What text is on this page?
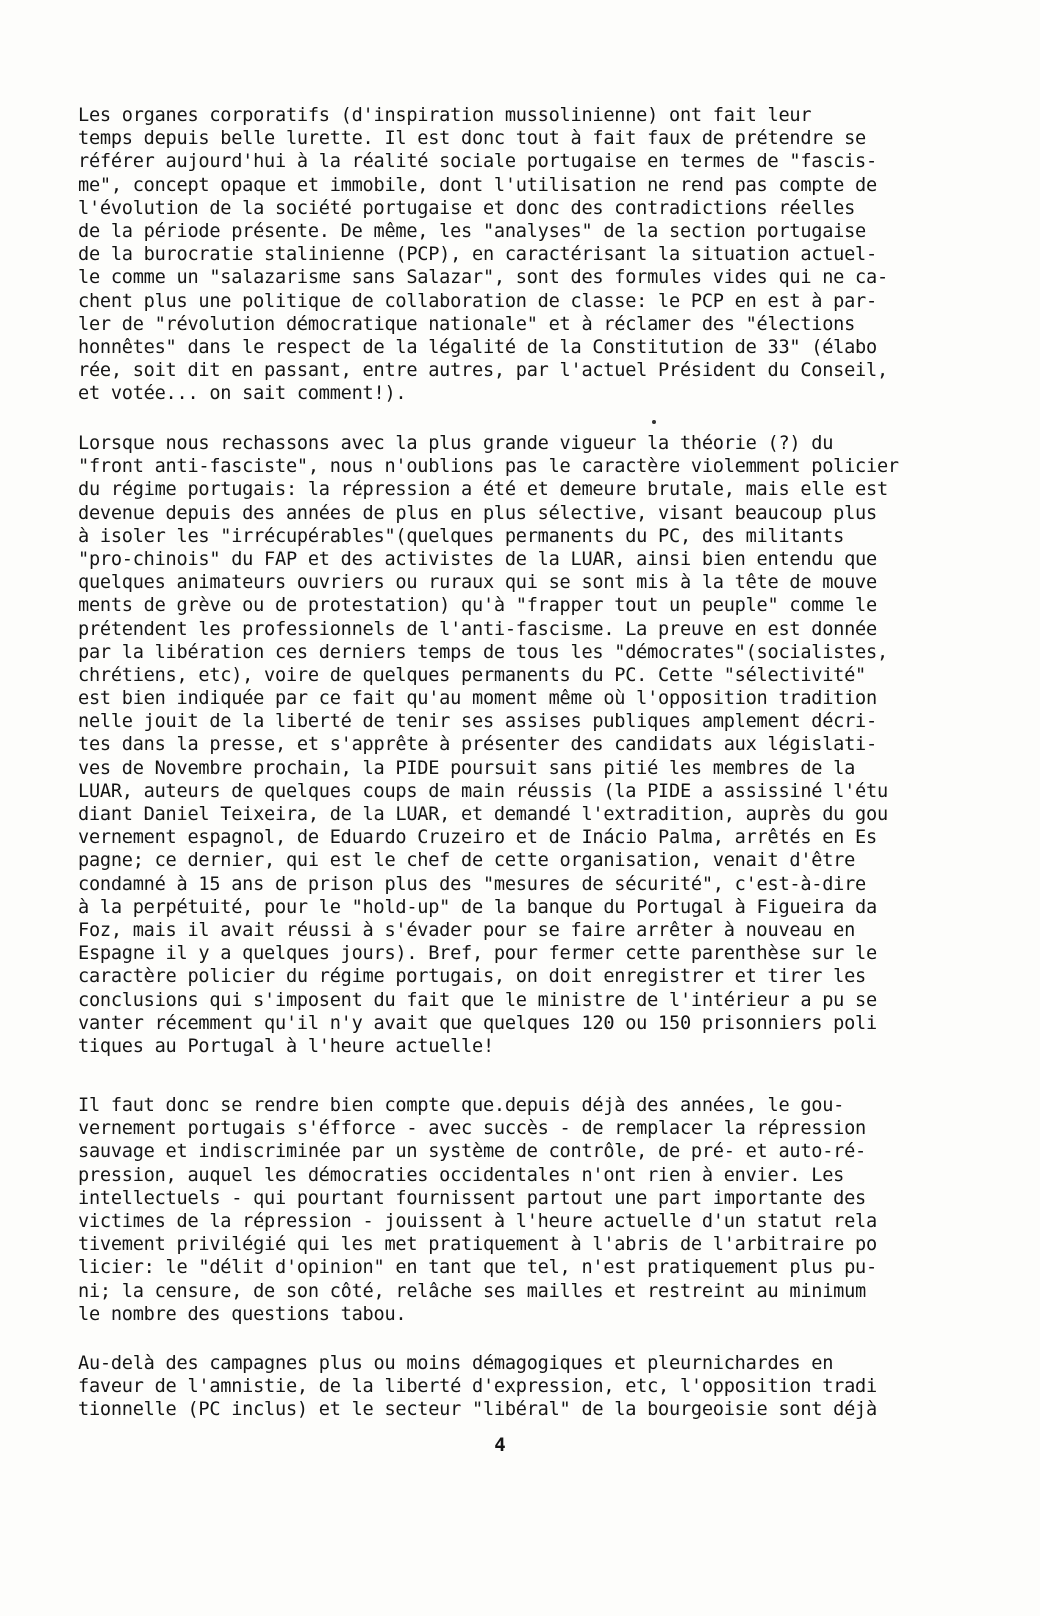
Les organes corporatifs (d'inspiration mussolinienne) ont fait leur
temps depuis belle lurette. Il est donc tout à fait faux de prétendre se
référer aujourd'hui à la réalité sociale portugaise en termes de "fascis-
me", concept opaque et immobile, dont l'utilisation ne rend pas compte de
l'évolution de la société portugaise et donc des contradictions réelles
de la période présente. De même, les "analyses" de la section portugaise
de la burocratie stalinienne (PCP), en caractérisant la situation actuel-
le comme un "salazarisme sans Salazar", sont des formules vides qui ne ca-
chent plus une politique de collaboration de classe: le PCP en est à par-
ler de "révolution démocratique nationale" et à réclamer des "élections
honnêtes" dans le respect de la légalité de la Constitution de 33" (élabo
rée, soit dit en passant, entre autres, par l'actuel Président du Conseil,
et votée... on sait comment!).
Lorsque nous rechassons avec la plus grande vigueur la théorie (?) du
"front anti-fasciste", nous n'oublions pas le caractère violemment policier
du régime portugais: la répression a été et demeure brutale, mais elle est
devenue depuis des années de plus en plus sélective, visant beaucoup plus
à isoler les "irrécupérables"(quelques permanents du PC, des militants
"pro-chinois" du FAP et des activistes de la LUAR, ainsi bien entendu que
quelques animateurs ouvriers ou ruraux qui se sont mis à la tête de mouve
ments de grève ou de protestation) qu'à "frapper tout un peuple" comme le
prétendent les professionnels de l'anti-fascisme. La preuve en est donnée
par la libération ces derniers temps de tous les "démocrates"(socialistes,
chrétiens, etc), voire de quelques permanents du PC. Cette "sélectivité"
est bien indiquée par ce fait qu'au moment même où l'opposition tradition
nelle jouit de la liberté de tenir ses assises publiques amplement décri-
tes dans la presse, et s'apprête à présenter des candidats aux législati-
ves de Novembre prochain, la PIDE poursuit sans pitié les membres de la
LUAR, auteurs de quelques coups de main réussis (la PIDE a assissiné l'étu
diant Daniel Teixeira, de la LUAR, et demandé l'extradition, auprès du gou
vernement espagnol, de Eduardo Cruzeiro et de Inácio Palma, arrêtés en Es
pagne; ce dernier, qui est le chef de cette organisation, venait d'être
condamné à 15 ans de prison plus des "mesures de sécurité", c'est-à-dire
à la perpétuité, pour le "hold-up" de la banque du Portugal à Figueira da
Foz, mais il avait réussi à s'évader pour se faire arrêter à nouveau en
Espagne il y a quelques jours). Bref, pour fermer cette parenthèse sur le
caractère policier du régime portugais, on doit enregistrer et tirer les
conclusions qui s'imposent du fait que le ministre de l'intérieur a pu se
vanter récemment qu'il n'y avait que quelques 120 ou 150 prisonniers poli
tiques au Portugal à l'heure actuelle!
Il faut donc se rendre bien compte que.depuis déjà des années, le gou-
vernement portugais s'éfforce - avec succès - de remplacer la répression
sauvage et indiscriminée par un système de contrôle, de pré- et auto-ré-
pression, auquel les démocraties occidentales n'ont rien à envier. Les
intellectuels - qui pourtant fournissent partout une part importante des
victimes de la répression - jouissent à l'heure actuelle d'un statut rela
tivement privilégié qui les met pratiquement à l'abris de l'arbitraire po
licier: le "délit d'opinion" en tant que tel, n'est pratiquement plus pu-
ni; la censure, de son côté, relâche ses mailles et restreint au minimum
le nombre des questions tabou.
Au-delà des campagnes plus ou moins démagogiques et pleurnichardes en
faveur de l'amnistie, de la liberté d'expression, etc, l'opposition tradi
tionnelle (PC inclus) et le secteur "libéral" de la bourgeoisie sont déjà
4
